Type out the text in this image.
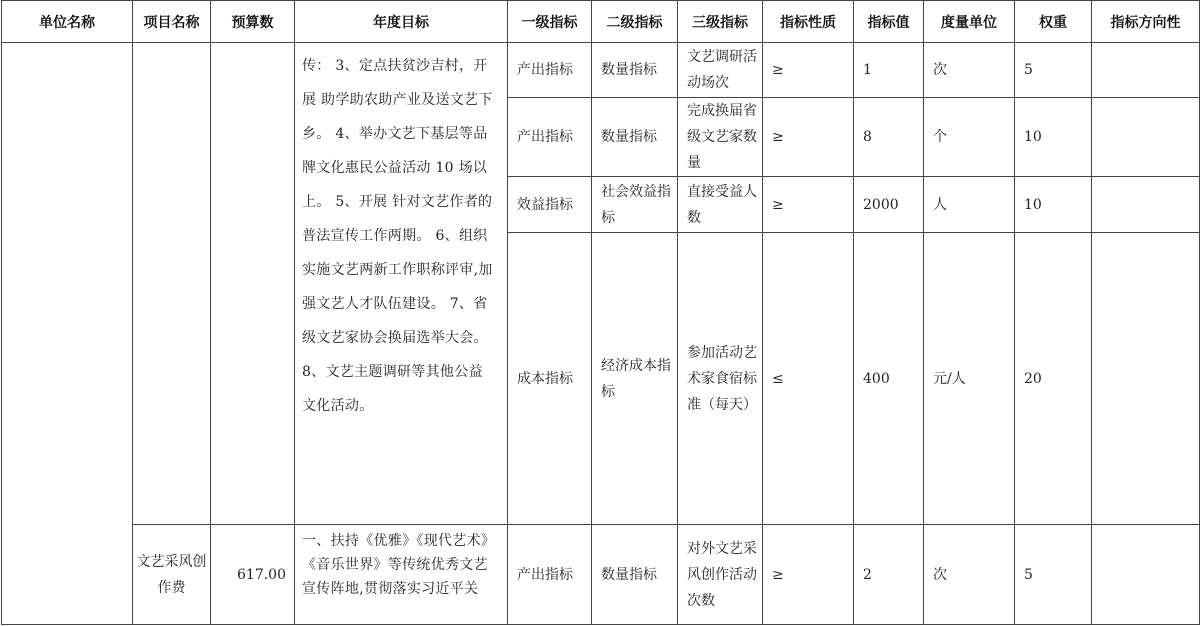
单位名称	项目名称	预算数	年度目标	一级指标	二级指标	三级指标	指标性质	指标值	度量单位	权重	指标方向性
			传： 3、定点扶贫沙吉村，开展 助学助农助产业及送文艺下乡。 4、举办文艺下基层等品牌文化惠民公益活动 10 场以上。 5、开展 针对文艺作者的普法宣传工作两期。 6、组织实施文艺两新工作职称评审,加强文艺人才队伍建设。 7、省级文艺家协会换届选举大会。 8、文艺主题调研等其他公益 文化活动。	产出指标	数量指标	文艺调研活动场次	≥	1	次	5	
				产出指标	数量指标	完成换届省级文艺家数量	≥	8	个	10	
				效益指标	社会效益指标	直接受益人数	≥	2000	人	10	
				成本指标	经济成本指标	参加活动艺术家食宿标准（每天）	≤	400	元/人	20	
	文艺采风创作费	617.00	一、扶持《优雅》《现代艺术》《音乐世界》等传统优秀文艺宣传阵地,贯彻落实习近平关	产出指标	数量指标	对外文艺采风创作活动次数	≥	2	次	5	
